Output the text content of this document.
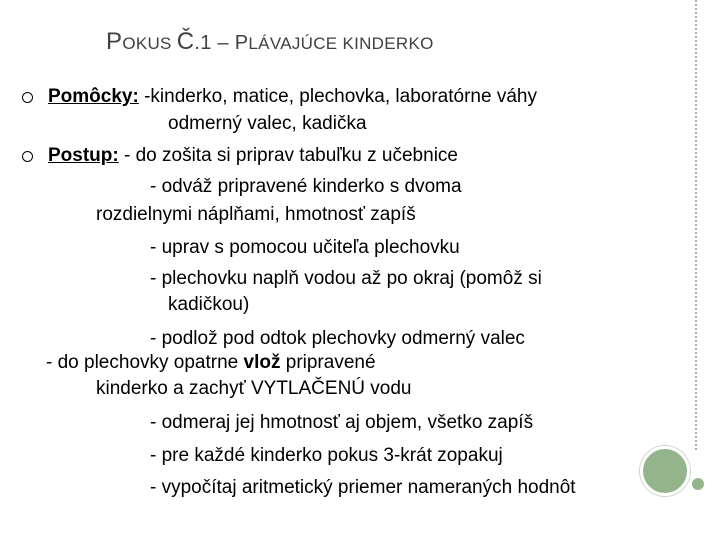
POKUS Č.1 – PLÁVAJÚCE KINDERKO
Pomôcky: -kinderko, matice, plechovka, laboratórne váhy
odmerný valec, kadička
Postup: - do zošita si priprav tabuľku z učebnice
- odváž pripravené kinderko s dvoma
rozdielnymi náplňami, hmotnosť zapíš
- uprav s pomocou učiteľa plechovku
- plechovku naplň vodou až po okraj (pomôž si
kadičkou)
- podlož pod odtok plechovky odmerný valec
- do plechovky opatrne vlož pripravené
kinderko a zachyť VYTLAČENÚ vodu
- odmeraj jej hmotnosť aj objem, všetko zapíš
- pre každé kinderko pokus 3-krát zopakuj
- vypočítaj aritmetický priemer nameraných hodnôt
